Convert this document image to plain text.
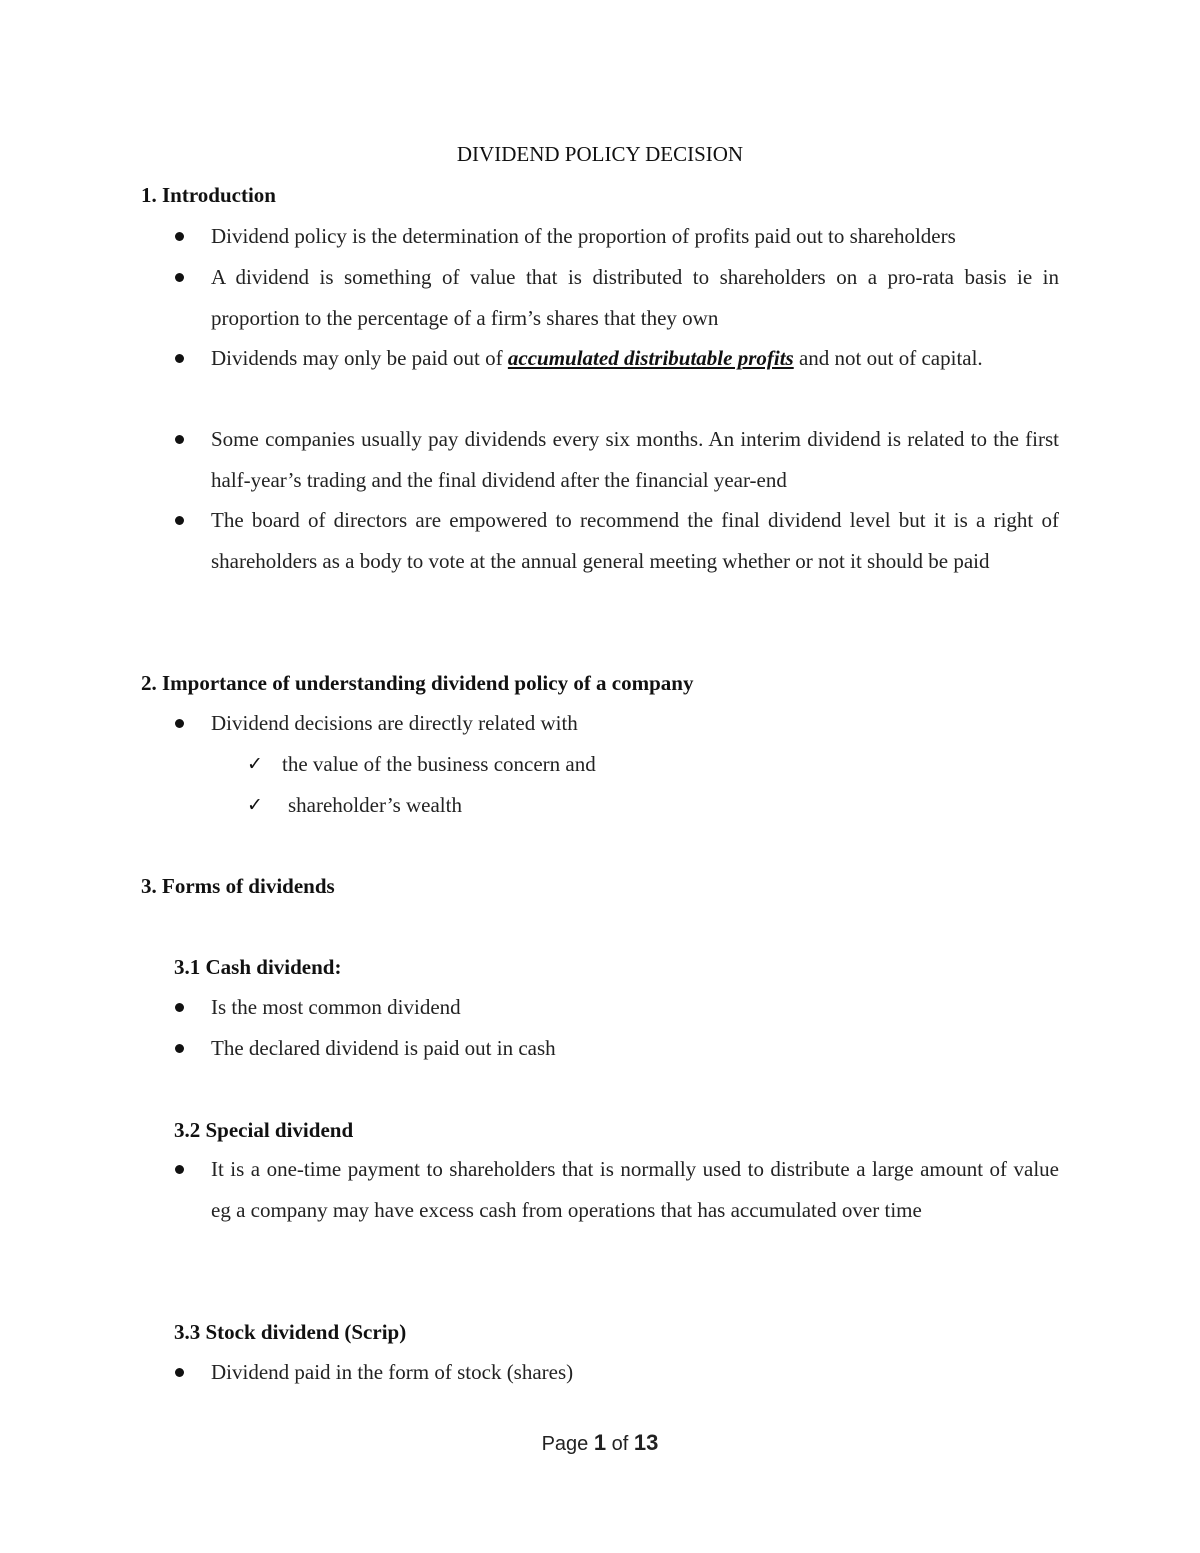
DIVIDEND POLICY DECISION
1. Introduction
Dividend policy is the determination of the proportion of profits paid out to shareholders
A dividend is something of value that is distributed to shareholders on a pro-rata basis ie in proportion to the percentage of a firm’s shares that they own
Dividends may only be paid out of accumulated distributable profits and not out of capital.
Some companies usually pay dividends every six months. An interim dividend is related to the first half-year’s trading and the final dividend after the financial year-end
The board of directors are empowered to recommend the final dividend level but it is a right of shareholders as a body to vote at the annual general meeting whether or not it should be paid
2. Importance of understanding dividend policy of a company
Dividend decisions are directly related with
✓ the value of the business concern and
✓ shareholder’s wealth
3. Forms of dividends
3.1 Cash dividend:
Is the most common dividend
The declared dividend is paid out in cash
3.2 Special dividend
It is a one-time payment to shareholders that is normally used to distribute a large amount of value eg a company may have excess cash from operations that has accumulated over time
3.3 Stock dividend (Scrip)
Dividend paid in the form of stock (shares)
Page 1 of 13
